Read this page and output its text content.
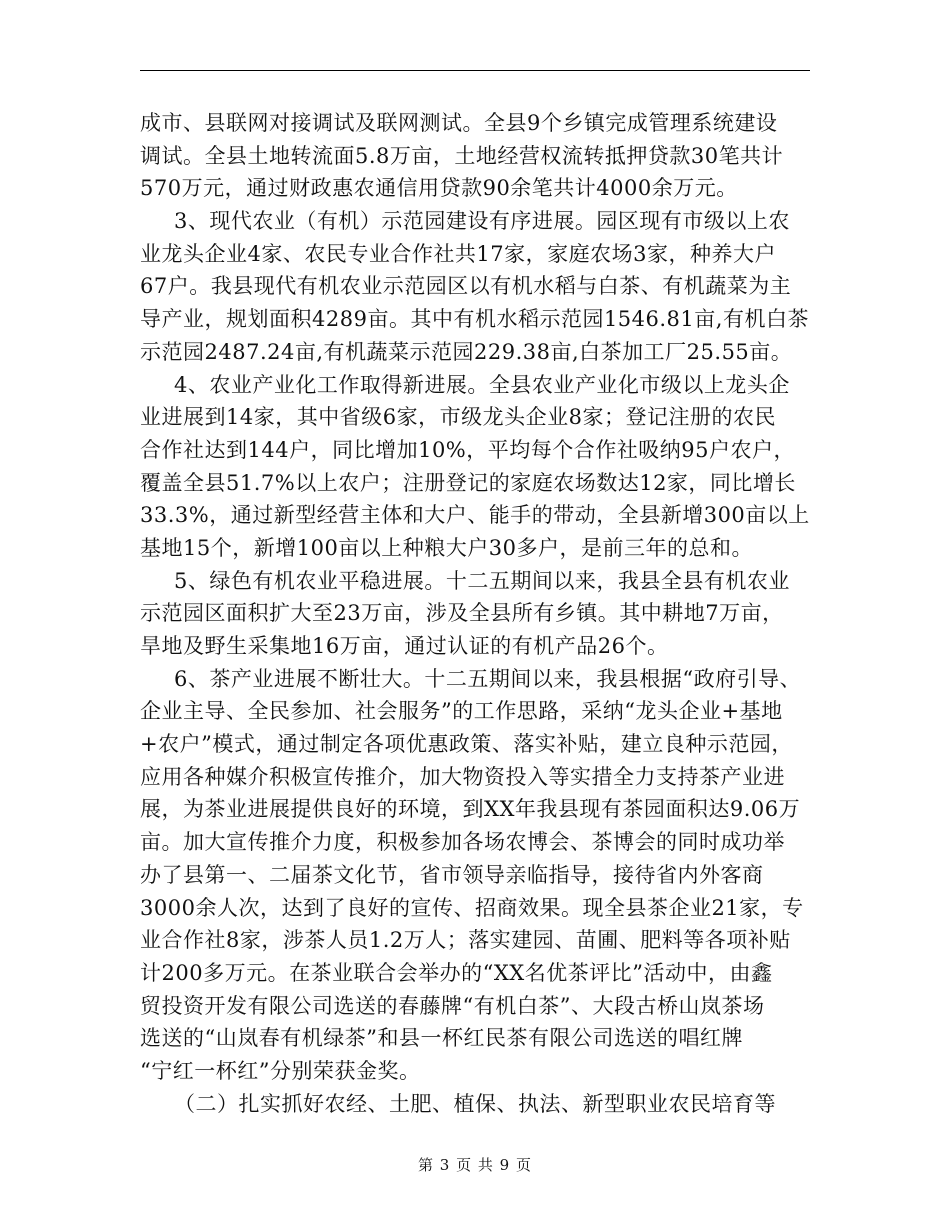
成市、县联网对接调试及联网测试。全县9个乡镇完成管理系统建设
调试。全县土地转流面5.8万亩，土地经营权流转抵押贷款30笔共计
570万元，通过财政惠农通信用贷款90余笔共计4000余万元。
3、现代农业（有机）示范园建设有序进展。园区现有市级以上农
业龙头企业4家、农民专业合作社共17家，家庭农场3家，种养大户
67户。我县现代有机农业示范园区以有机水稻与白茶、有机蔬菜为主
导产业，规划面积4289亩。其中有机水稻示范园1546.81亩,有机白茶
示范园2487.24亩,有机蔬菜示范园229.38亩,白茶加工厂25.55亩。
4、农业产业化工作取得新进展。全县农业产业化市级以上龙头企
业进展到14家，其中省级6家，市级龙头企业8家；登记注册的农民
合作社达到144户，同比增加10%，平均每个合作社吸纳95户农户，
覆盖全县51.7%以上农户；注册登记的家庭农场数达12家，同比增长
33.3%，通过新型经营主体和大户、能手的带动，全县新增300亩以上
基地15个，新增100亩以上种粮大户30多户，是前三年的总和。
5、绿色有机农业平稳进展。十二五期间以来，我县全县有机农业
示范园区面积扩大至23万亩，涉及全县所有乡镇。其中耕地7万亩，
旱地及野生采集地16万亩，通过认证的有机产品26个。
6、茶产业进展不断壮大。十二五期间以来，我县根据“政府引导、
企业主导、全民参加、社会服务”的工作思路，采纳“龙头企业+基地
+农户”模式，通过制定各项优惠政策、落实补贴，建立良种示范园，
应用各种媒介积极宣传推介，加大物资投入等实措全力支持茶产业进
展，为茶业进展提供良好的环境，到XX年我县现有茶园面积达9.06万
亩。加大宣传推介力度，积极参加各场农博会、茶博会的同时成功举
办了县第一、二届茶文化节，省市领导亲临指导，接待省内外客商
3000余人次，达到了良好的宣传、招商效果。现全县茶企业21家，专
业合作社8家，涉茶人员1.2万人；落实建园、苗圃、肥料等各项补贴
计200多万元。在茶业联合会举办的“XX名优茶评比”活动中，由鑫
贸投资开发有限公司选送的春藤牌“有机白茶”、大段古桥山岚茶场
选送的“山岚春有机绿茶”和县一杯红民茶有限公司选送的唱红牌
“宁红一杯红”分别荣获金奖。
（二）扎实抓好农经、土肥、植保、执法、新型职业农民培育等
第 3 页 共 9 页
